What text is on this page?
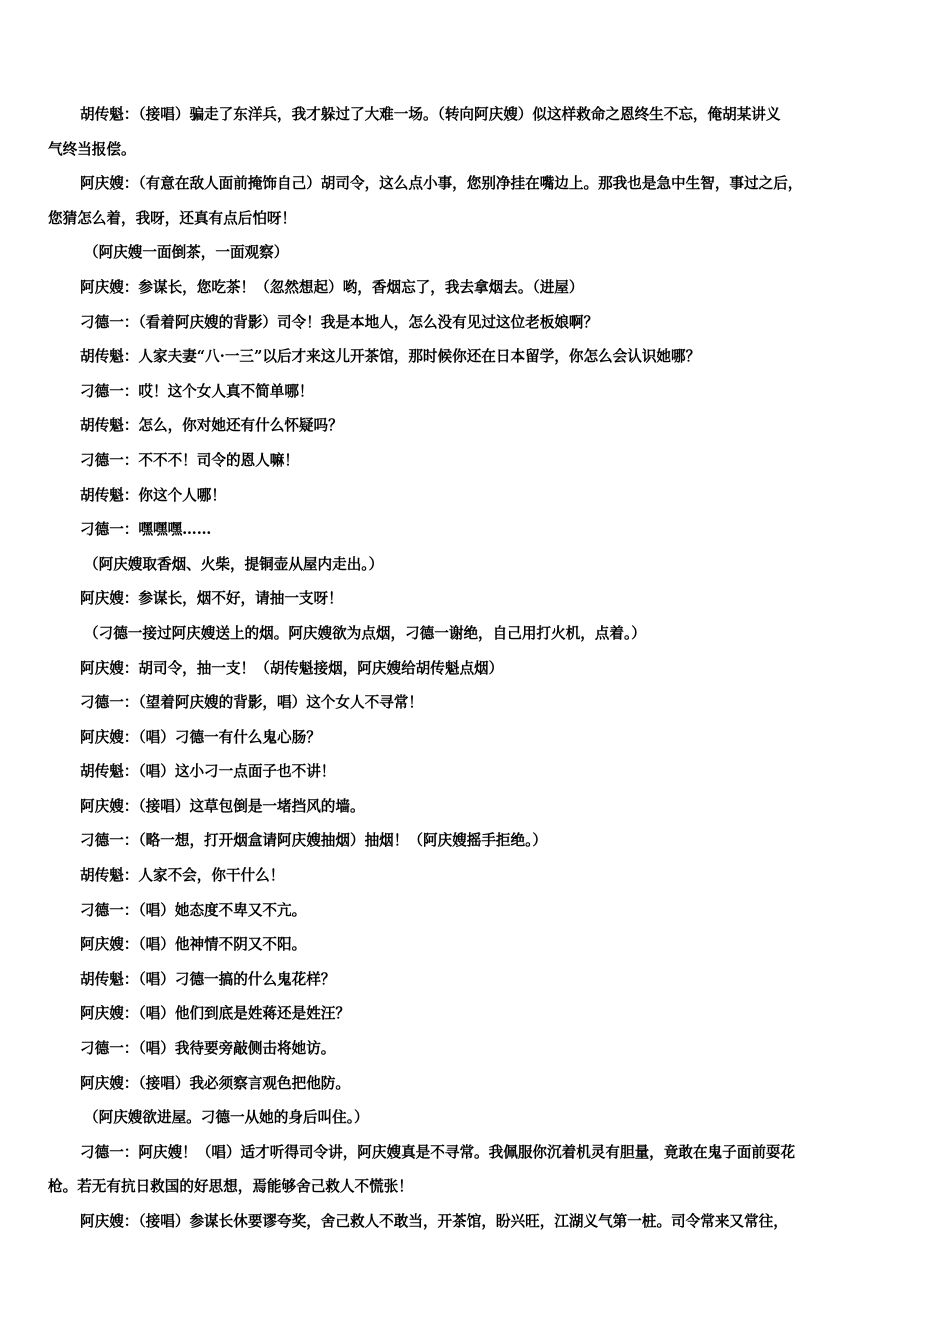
胡传魁：（接唱）骗走了东洋兵，我才躲过了大难一场。（转向阿庆嫂）似这样救命之恩终生不忘，俺胡某讲义
气终当报偿。
阿庆嫂：（有意在敌人面前掩饰自己）胡司令，这么点小事，您别净挂在嘴边上。那我也是急中生智，事过之后，
您猜怎么着，我呀，还真有点后怕呀！
（阿庆嫂一面倒茶，一面观察）
阿庆嫂：参谋长，您吃茶！（忽然想起）哟，香烟忘了，我去拿烟去。（进屋）
刁德一：（看着阿庆嫂的背影）司令！我是本地人，怎么没有见过这位老板娘啊？
胡传魁：人家夫妻“八·一三”以后才来这儿开茶馆，那时候你还在日本留学，你怎么会认识她哪？
刁德一：哎！这个女人真不简单哪！
胡传魁：怎么，你对她还有什么怀疑吗？
刁德一：不不不！司令的恩人嘛！
胡传魁：你这个人哪！
刁德一：嘿嘿嘿……
（阿庆嫂取香烟、火柴，提铜壶从屋内走出。）
阿庆嫂：参谋长，烟不好，请抽一支呀！
（刁德一接过阿庆嫂送上的烟。阿庆嫂欲为点烟，刁德一谢绝，自己用打火机，点着。）
阿庆嫂：胡司令，抽一支！（胡传魁接烟，阿庆嫂给胡传魁点烟）
刁德一：（望着阿庆嫂的背影，唱）这个女人不寻常！
阿庆嫂：（唱）刁德一有什么鬼心肠？
胡传魁：（唱）这小刁一点面子也不讲！
阿庆嫂：（接唱）这草包倒是一堵挡风的墙。
刁德一：（略一想，打开烟盒请阿庆嫂抽烟）抽烟！（阿庆嫂摇手拒绝。）
胡传魁：人家不会，你干什么！
刁德一：（唱）她态度不卑又不亢。
阿庆嫂：（唱）他神情不阴又不阳。
胡传魁：（唱）刁德一搞的什么鬼花样？
阿庆嫂：（唱）他们到底是姓蒋还是姓汪？
刁德一：（唱）我待要旁敲侧击将她访。
阿庆嫂：（接唱）我必须察言观色把他防。
（阿庆嫂欲进屋。刁德一从她的身后叫住。）
刁德一：阿庆嫂！（唱）适才听得司令讲，阿庆嫂真是不寻常。我佩服你沉着机灵有胆量，竟敢在鬼子面前耍花
枪。若无有抗日救国的好思想，焉能够舍己救人不慌张！
阿庆嫂：（接唱）参谋长休要谬夸奖，舍己救人不敢当，开茶馆，盼兴旺，江湖义气第一桩。司令常来又常往，
